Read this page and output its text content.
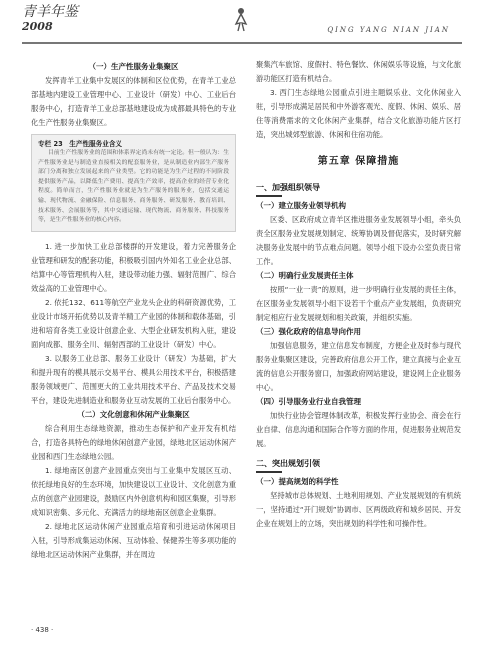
青羊年鉴
2008	QING YANG NIAN JIAN
（一）生产性服务业集聚区

发挥青羊工业集中发展区的体制和区位优势，在青羊工业总部基地内建设工业管理中心、工业设计（研发）中心、工业后台服务中心，打造青羊工业总部基地建设成为成都最具特色的专业化生产性服务业集聚区。

专栏 23　生产性服务业含义
目前生产性服务业的范围和体系界定尚未有统一定论。但一般认为：生产性服务业是与制造业直接相关的配套服务业，是从制造业内部生产服务部门分离和独立发展起来的产业类型。它的功能是为生产过程的不同阶段提供服务产品，以降低生产费用、提高生产效率，提高企业的经营专业化程度。简单而言，生产性服务业就是为生产服务的服务业，包括交通运输、现代物流、金融保险、信息服务、商务服务、研发服务、教育培训、技术服务、会展服务等，其中交通运输、现代物流、商务服务、科技服务等，是生产性服务业的核心内容。

1. 进一步加快工业总部楼群的开发建设，着力完善服务企业管理和研发的配套功能，积极吸引国内外知名工业企业总部、结算中心等管理机构入驻，建设带动能力强、辐射范围广、综合效益高的工业管理中心。

2. 依托132、611等航空产业龙头企业的科研资源优势，工业设计市场开拓优势以及青羊精工产业园的体制和载体基础，引进和培育各类工业设计创意企业、大型企业研发机构入驻，建设面向成都、服务全川、辐射西部的工业设计（研发）中心。

3. 以服务工业总部、服务工业设计（研发）为基础，扩大和提升现有的模具展示交易平台、模具公用技术平台，积极搭建服务领域更广、范围更大的工业共用技术平台、产品及技术交易平台，建设先进制造业和服务业互动发展的工业后台服务中心。

（二）文化创意和休闲产业集聚区

综合利用生态绿地资源，推动生态保护和产业开发有机结合，打造各具特色的绿地休闲创意产业园，绿地北区运动休闲产业园和西门生态绿地公园。

1. 绿地南区创意产业园重点突出与工业集中发展区互动、依托绿地良好的生态环境，加快建设以工业设计、文化创意为重点的创意产业园建设，鼓励区内外创意机构和园区集聚，引导形成知识密集、多元化、充满活力的绿地南区创意企业集群。

2. 绿地北区运动休闲产业园重点培育和引进运动休闲项目入驻，引导形成集运动休闲、互动体验、保健养生等多项功能的绿地北区运动休闲产业集群，并在周边

聚集汽车旅馆、度假村、特色餐饮、休闲娱乐等设施，与文化旅游功能区打造有机结合。

3. 西门生态绿地公园重点引进主题娱乐业、文化休闲业入驻，引导形成满足居民和中外游客观光、度假、休闲、娱乐、居住等消费需求的文化休闲产业集群，结合文化旅游功能片区打造，突出城郊型旅游、休闲和住宿功能。

第五章 保障措施
一、加强组织领导
（一）建立服务业领导机构

区委、区政府成立青羊区推进服务业发展领导小组，牵头负责全区服务业发展规划制定、统筹协调及督促落实，及时研究解决服务业发展中的节点难点问题。领导小组下设办公室负责日常工作。

（二）明确行业发展责任主体

按照“一业一责”的原则，进一步明确行业发展的责任主体，在区服务业发展领导小组下设若干个重点产业发展组，负责研究制定相应行业发展规划和相关政策，并组织实施。

（三）强化政府的信息导向作用

加强信息服务，建立信息发布制度，方便企业及时参与现代服务业集聚区建设，完善政府信息公开工作，建立真接与企业互流的信息公开服务窗口，加强政府网站建设，建设网上企业服务中心。

（四）引导服务业行业自我管理

加快行业协会管理体制改革，积极发挥行业协会、商会在行业自律、信息沟通和国际合作等方面的作用，促进服务业规范发展。

二、突出规划引领
（一）提高规划的科学性

坚持城市总体规划、土地利用规划、产业发展规划的有机统一，坚持通过“开门规划”协调市、区两级政府和城乡居民、开发企业在规划上的立场，突出规划的科学性和可操作性。

· 438 ·
